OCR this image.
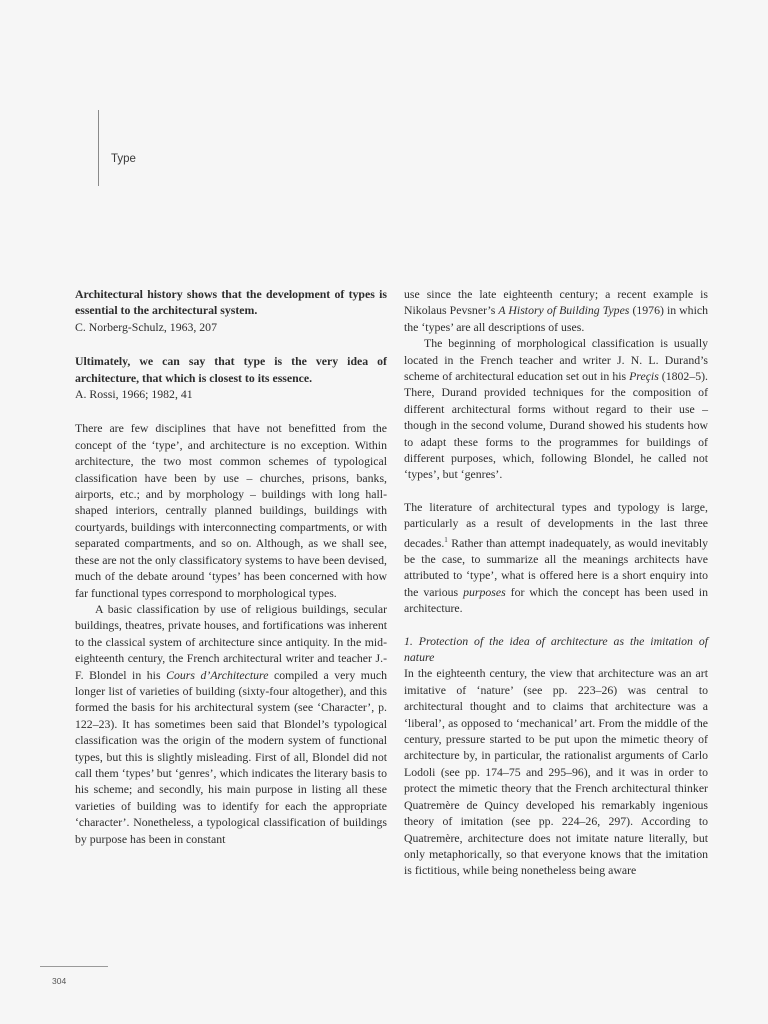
Type

Architectural history shows that the development of types is essential to the architectural system.

C. Norberg-Schulz, 1963, 207

Ultimately, we can say that type is the very idea of architecture, that which is closest to its essence.

A. Rossi, 1966; 1982, 41

There are few disciplines that have not benefitted from the concept of the ‘type’, and architecture is no exception. Within architecture, the two most common schemes of typological classification have been by use – churches, prisons, banks, airports, etc.; and by morphology – buildings with long hall-shaped interiors, centrally planned buildings, buildings with courtyards, buildings with interconnecting compartments, or with separated compartments, and so on. Although, as we shall see, these are not the only classificatory systems to have been devised, much of the debate around ‘types’ has been concerned with how far functional types correspond to morphological types.

A basic classification by use of religious buildings, secular buildings, theatres, private houses, and fortifications was inherent to the classical system of architecture since antiquity. In the mid-eighteenth century, the French architectural writer and teacher J.-F. Blondel in his Cours d’Architecture compiled a very much longer list of varieties of building (sixty-four altogether), and this formed the basis for his architectural system (see ‘Character’, p. 122–23). It has sometimes been said that Blondel’s typological classification was the origin of the modern system of functional types, but this is slightly misleading. First of all, Blondel did not call them ‘types’ but ‘genres’, which indicates the literary basis to his scheme; and secondly, his main purpose in listing all these varieties of building was to identify for each the appropriate ‘character’. Nonetheless, a typological classification of buildings by purpose has been in constant

use since the late eighteenth century; a recent example is Nikolaus Pevsner’s A History of Building Types (1976) in which the ‘types’ are all descriptions of uses.

The beginning of morphological classification is usually located in the French teacher and writer J. N. L. Durand’s scheme of architectural education set out in his Preçis (1802–5). There, Durand provided techniques for the composition of different architectural forms without regard to their use – though in the second volume, Durand showed his students how to adapt these forms to the programmes for buildings of different purposes, which, following Blondel, he called not ‘types’, but ‘genres’.

The literature of architectural types and typology is large, particularly as a result of developments in the last three decades.$^1$ Rather than attempt inadequately, as would inevitably be the case, to summarize all the meanings architects have attributed to ‘type’, what is offered here is a short enquiry into the various purposes for which the concept has been used in architecture.

1. Protection of the idea of architecture as the imitation of nature

In the eighteenth century, the view that architecture was an art imitative of ‘nature’ (see pp. 223–26) was central to architectural thought and to claims that architecture was a ‘liberal’, as opposed to ‘mechanical’ art. From the middle of the century, pressure started to be put upon the mimetic theory of architecture by, in particular, the rationalist arguments of Carlo Lodoli (see pp. 174–75 and 295–96), and it was in order to protect the mimetic theory that the French architectural thinker Quatremère de Quincy developed his remarkably ingenious theory of imitation (see pp. 224–26, 297). According to Quatremère, architecture does not imitate nature literally, but only metaphorically, so that everyone knows that the imitation is fictitious, while being nonetheless being aware

304
